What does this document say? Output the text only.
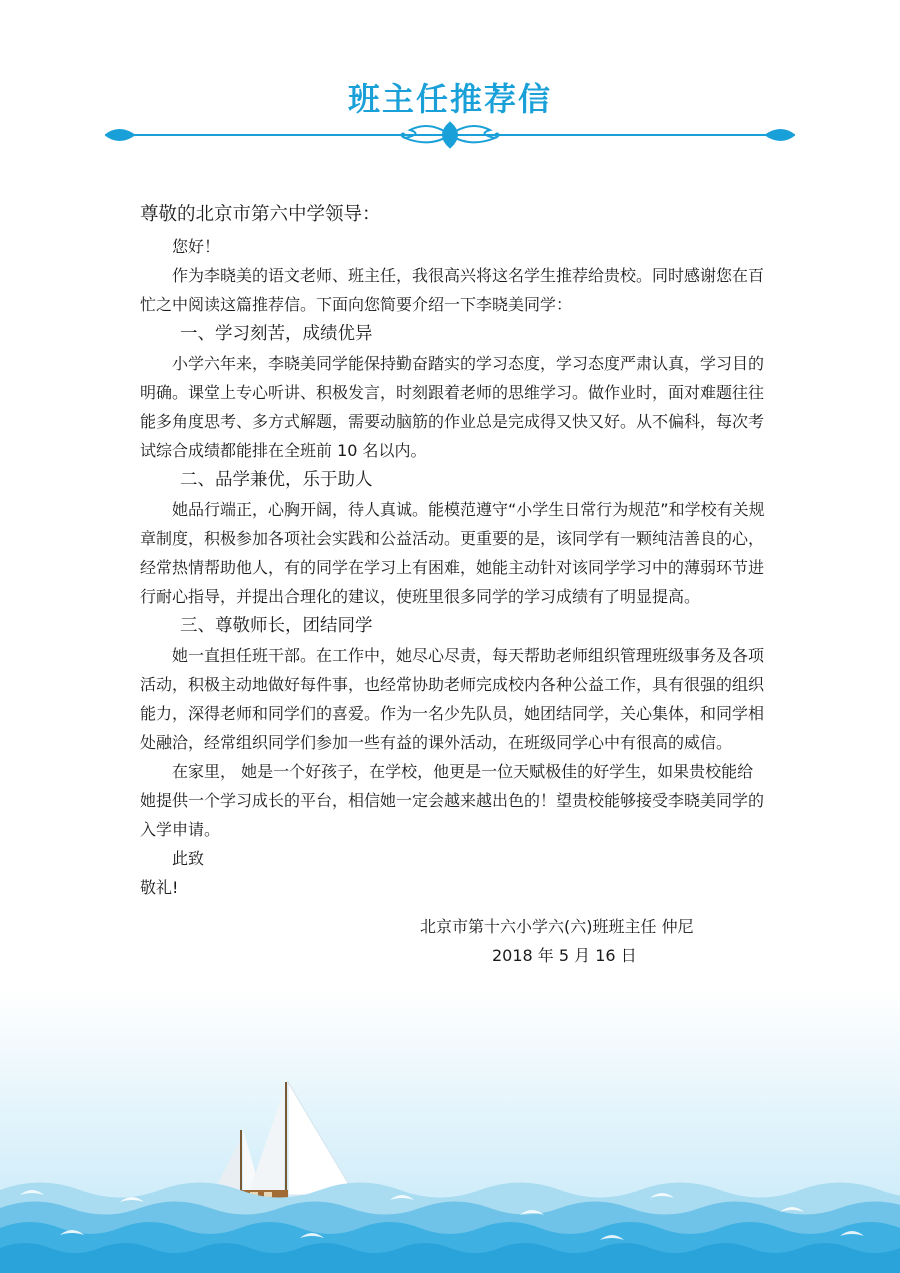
班主任推荐信

尊敬的北京市第六中学领导：

您好！

作为李晓美的语文老师、班主任，我很高兴将这名学生推荐给贵校。同时感谢您在百忙之中阅读这篇推荐信。下面向您简要介绍一下李晓美同学：

一、学习刻苦，成绩优异

小学六年来，李晓美同学能保持勤奋踏实的学习态度，学习态度严肃认真，学习目的明确。课堂上专心听讲、积极发言，时刻跟着老师的思维学习。做作业时，面对难题往往能多角度思考、多方式解题，需要动脑筋的作业总是完成得又快又好。从不偏科，每次考试综合成绩都能排在全班前 10 名以内。

二、品学兼优，乐于助人

她品行端正，心胸开阔，待人真诚。能模范遵守“小学生日常行为规范”和学校有关规章制度，积极参加各项社会实践和公益活动。更重要的是，该同学有一颗纯洁善良的心，经常热情帮助他人，有的同学在学习上有困难，她能主动针对该同学学习中的薄弱环节进行耐心指导，并提出合理化的建议，使班里很多同学的学习成绩有了明显提高。

三、尊敬师长，团结同学

她一直担任班干部。在工作中，她尽心尽责，每天帮助老师组织管理班级事务及各项活动，积极主动地做好每件事，也经常协助老师完成校内各种公益工作，具有很强的组织能力，深得老师和同学们的喜爱。作为一名少先队员，她团结同学，关心集体，和同学相处融洽，经常组织同学们参加一些有益的课外活动，在班级同学心中有很高的威信。

在家里， 她是一个好孩子，在学校，他更是一位天赋极佳的好学生，如果贵校能给她提供一个学习成长的平台，相信她一定会越来越出色的！望贵校能够接受李晓美同学的入学申请。

此致

敬礼!

北京市第十六小学六(六)班班主任 仲尼

2018 年 5 月 16 日
